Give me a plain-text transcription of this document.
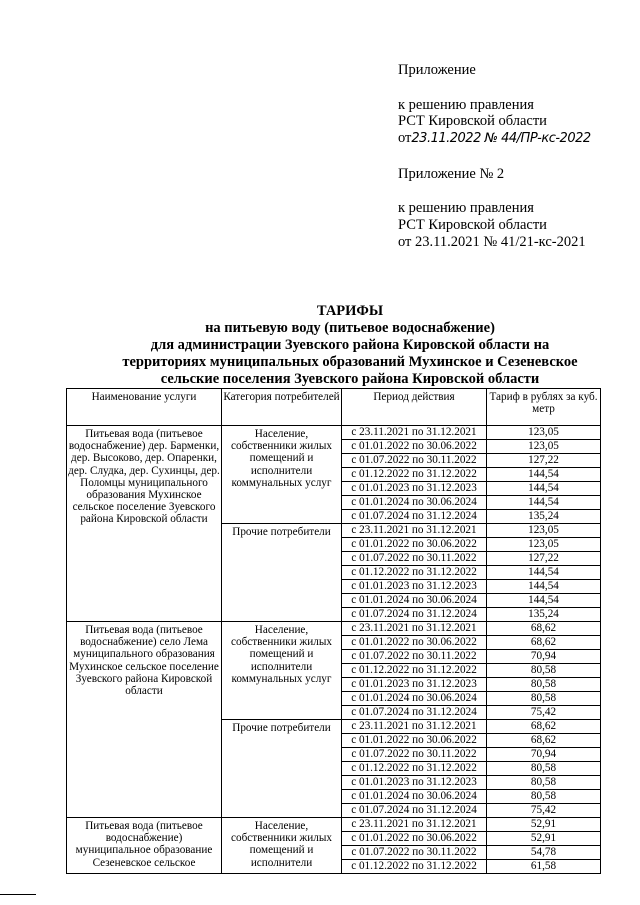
Приложение
к решению правления
РСТ Кировской области
от23.11.2022 № 44/ПР-кс-2022
Приложение № 2
к решению правления
РСТ Кировской области
от 23.11.2021 № 41/21-кс-2021
ТАРИФЫ
на питьевую воду (питьевое водоснабжение)
для администрации Зуевского района Кировской области на
территориях муниципальных образований Мухинское и Сезеневское
сельские поселения Зуевского района Кировской области
Наименование услуги	Категория потребителей	Период действия	Тариф в рублях за куб. метр
Питьевая вода (питьевое водоснабжение) дер. Барменки, дер. Высоково, дер. Опаренки, дер. Слудка, дер. Сухинцы, дер. Поломцы муниципального образования Мухинское сельское поселение Зуевского района Кировской области	Население, собственники жилых помещений и исполнители коммунальных услуг	с 23.11.2021 по 31.12.2021	123,05
		с 01.01.2022 по 30.06.2022	123,05
		с 01.07.2022 по 30.11.2022	127,22
		с 01.12.2022 по 31.12.2022	144,54
		с 01.01.2023 по 31.12.2023	144,54
		с 01.01.2024 по 30.06.2024	144,54
		с 01.07.2024 по 31.12.2024	135,24
	Прочие потребители	с 23.11.2021 по 31.12.2021	123,05
		с 01.01.2022 по 30.06.2022	123,05
		с 01.07.2022 по 30.11.2022	127,22
		с 01.12.2022 по 31.12.2022	144,54
		с 01.01.2023 по 31.12.2023	144,54
		с 01.01.2024 по 30.06.2024	144,54
		с 01.07.2024 по 31.12.2024	135,24
Питьевая вода (питьевое водоснабжение) село Лема муниципального образования Мухинское сельское поселение Зуевского района Кировской области	Население, собственники жилых помещений и исполнители коммунальных услуг	с 23.11.2021 по 31.12.2021	68,62
		с 01.01.2022 по 30.06.2022	68,62
		с 01.07.2022 по 30.11.2022	70,94
		с 01.12.2022 по 31.12.2022	80,58
		с 01.01.2023 по 31.12.2023	80,58
		с 01.01.2024 по 30.06.2024	80,58
		с 01.07.2024 по 31.12.2024	75,42
	Прочие потребители	с 23.11.2021 по 31.12.2021	68,62
		с 01.01.2022 по 30.06.2022	68,62
		с 01.07.2022 по 30.11.2022	70,94
		с 01.12.2022 по 31.12.2022	80,58
		с 01.01.2023 по 31.12.2023	80,58
		с 01.01.2024 по 30.06.2024	80,58
		с 01.07.2024 по 31.12.2024	75,42
Питьевая вода (питьевое водоснабжение) муниципальное образование Сезеневское сельское	Население, собственники жилых помещений и исполнители	с 23.11.2021 по 31.12.2021	52,91
		с 01.01.2022 по 30.06.2022	52,91
		с 01.07.2022 по 30.11.2022	54,78
		с 01.12.2022 по 31.12.2022	61,58
